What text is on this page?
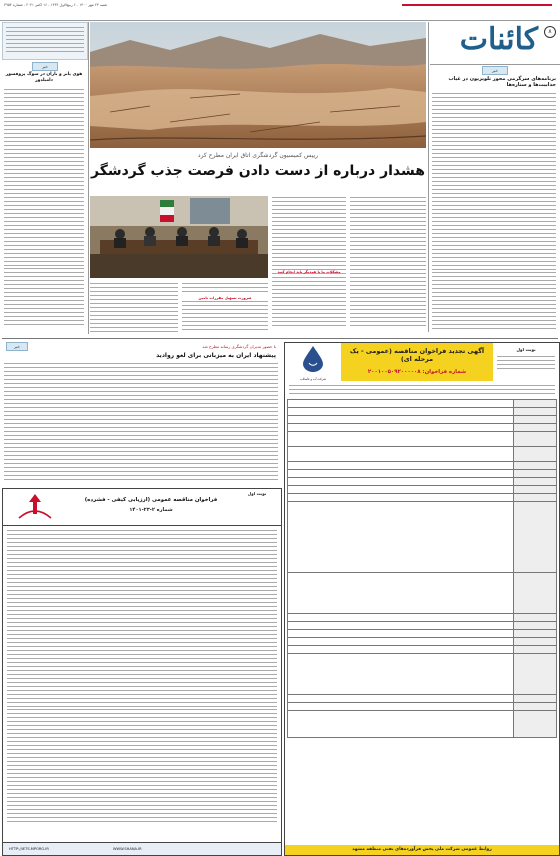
شنبه ۲۳ مهر ۱۴۰۰ - ۶ ربیع‌الاول ۱۴۴۳ - ۱۶ اکتبر ۲۰۲۱ - شماره ۳۹۵۴
۸
کائنات
خبر
برنامه‌های سرگرمی محور تلویزیون در غیاب جذابیت‌ها و ستاره‌ها
رییس کمیسیون گردشگری اتاق ایران مطرح کرد
هشدار درباره از دست دادن فرصت جذب گردشگر
ضرورت تسهیل مقررات تامین
مشکلات ما با همدیگر باید انجام کنید
خبر
هوی پاتر و باران در سوگ پروفسور دامبلدور
نوبت اول
آگهی تجدید فراخوان مناقصه (عمومی - یک مرحله ای)
شماره فراخوان: ۲۰۰۱۰۰۵۰۹۲۰۰۰۰۰۸
شرکت آب و فاضلاب

روابط عمومی شرکت ملی پخش فرآورده‌های نفتی منطقه مشهد
خبر	با حضور مدیران گردشگری رسانه مطرح شد
پیشنهاد ایران به میزبانی برای لغو روادید
نوبت اول
فراخوان مناقصه عمومی (ارزیابی کیفی - فشرده)
شماره ۲-۲۳-۱۴۰۱
HTTP://IETS.MPORG.IR	WWW.SHANA.IR
